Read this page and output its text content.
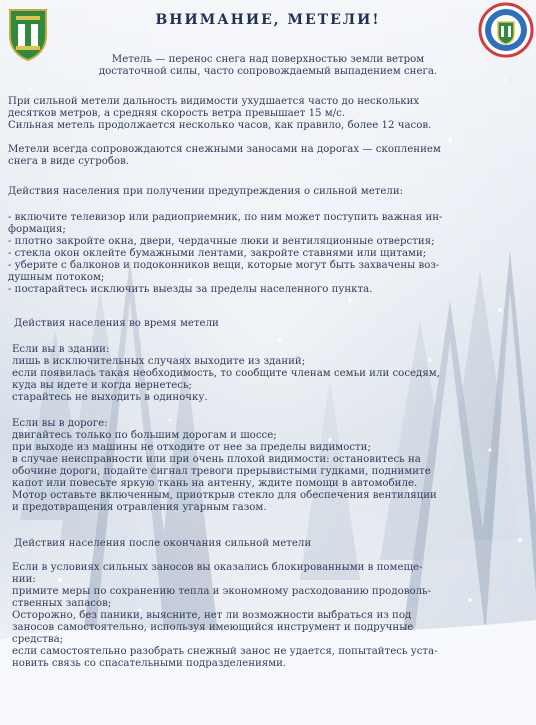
ВНИМАНИЕ, МЕТЕЛИ!

Метель — перенос снега над поверхностью земли ветром
достаточной силы, часто сопровождаемый выпадением снега.

При сильной метели дальность видимости ухудшается часто до нескольких
десятков метров, а средняя скорость ветра превышает 15 м/с.
Сильная метель продолжается несколько часов, как правило, более 12 часов.

Метели всегда сопровождаются снежными заносами на дорогах — скоплением
снега в виде сугробов.

Действия населения при получении предупреждения о сильной метели:

- включите телевизор или радиоприемник, по ним может поступить важная ин-
формация;
- плотно закройте окна, двери, чердачные люки и вентиляционные отверстия;
- стекла окон оклейте бумажными лентами, закройте ставнями или щитами;
- уберите с балконов и подоконников вещи, которые могут быть захвачены воз-
душным потоком;
- постарайтесь исключить выезды за пределы населенного пункта.

Действия населения во время метели

Если вы в здании:
лишь в исключительных случаях выходите из зданий;
если появилась такая необходимость, то сообщите членам семьи или соседям,
куда вы идете и когда вернетесь;
старайтесь не выходить в одиночку.

Если вы в дороге:
двигайтесь только по большим дорогам и шоссе;
при выходе из машины не отходите от нее за пределы видимости;
в случае неисправности или при очень плохой видимости: остановитесь на
обочине дороги, подайте сигнал тревоги прерывистыми гудками, поднимите
капот или повесьте яркую ткань на антенну, ждите помощи в автомобиле.
Мотор оставьте включенным, приоткрыв стекло для обеспечения вентиляции
и предотвращения отравления угарным газом.

Действия населения после окончания сильной метели

Если в условиях сильных заносов вы оказались блокированными в помеще-
нии:
примите меры по сохранению тепла и экономному расходованию продоволь-
ственных запасов;
Осторожно, без паники, выясните, нет ли возможности выбраться из под
заносов самостоятельно, используя имеющийся инструмент и подручные
средства;
если самостоятельно разобрать снежный занос не удается, попытайтесь уста-
новить связь со спасательными подразделениями.
